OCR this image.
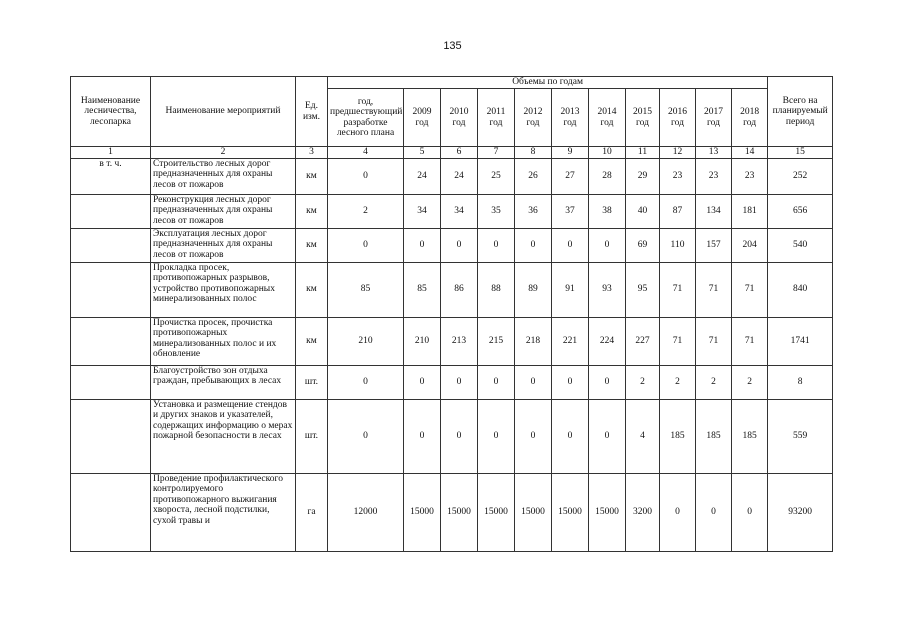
135
Наименование лесничества, лесопарка	Наименование мероприятий	Ед. изм.	Объемы по годам											Всего на планируемый период
			год, предшествующий разработке лесного плана	2009 год	2010 год	2011 год	2012 год	2013 год	2014 год	2015 год	2016 год	2017 год	2018 год	
1	2	3	4	5	6	7	8	9	10	11	12	13	14	15
в т. ч.	Строительство лесных дорог предназначенных для охраны лесов от пожаров	км	0	24	24	25	26	27	28	29	23	23	23	252
	Реконструкция лесных дорог предназначенных для охраны лесов от пожаров	км	2	34	34	35	36	37	38	40	87	134	181	656
	Эксплуатация лесных дорог предназначенных для охраны лесов от пожаров	км	0	0	0	0	0	0	0	69	110	157	204	540
	Прокладка просек, противопожарных разрывов, устройство противопожарных минерализованных полос	км	85	85	86	88	89	91	93	95	71	71	71	840
	Прочистка просек, прочистка противопожарных минерализованных полос и их обновление	км	210	210	213	215	218	221	224	227	71	71	71	1741
	Благоустройство зон отдыха граждан, пребывающих в лесах	шт.	0	0	0	0	0	0	0	2	2	2	2	8
	Установка и размещение стендов и других знаков и указателей, содержащих информацию о мерах пожарной безопасности в лесах	шт.	0	0	0	0	0	0	0	4	185	185	185	559
	Проведение профилактического контролируемого противопожарного выжигания хвороста, лесной подстилки, сухой травы и	га	12000	15000	15000	15000	15000	15000	15000	3200	0	0	0	93200
